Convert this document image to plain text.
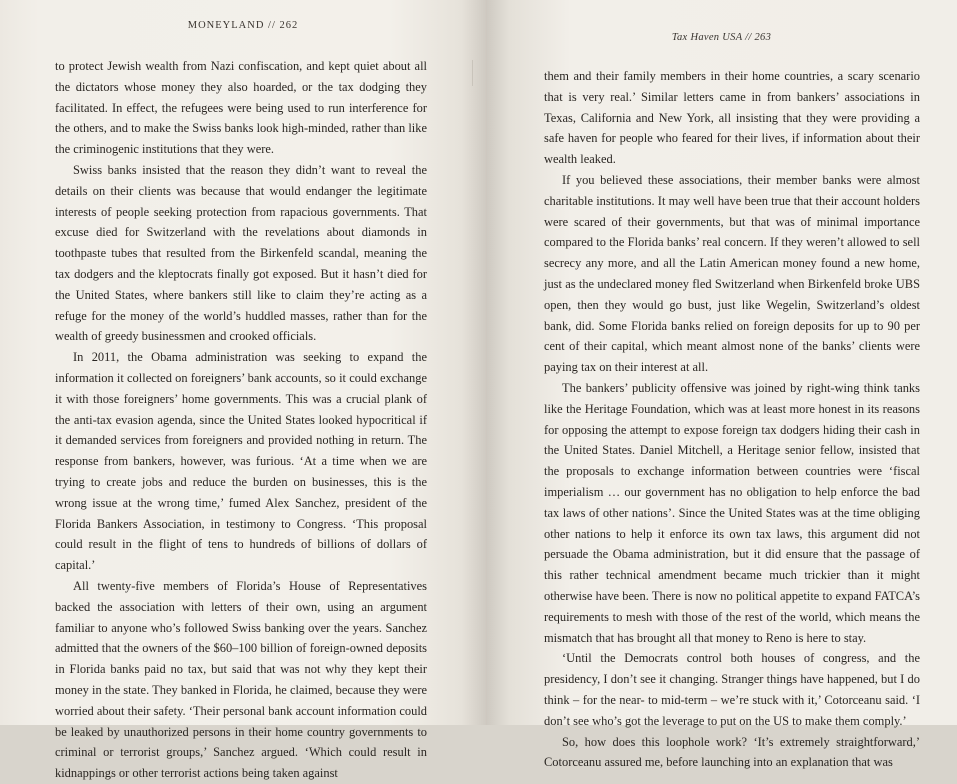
MONEYLAND // 262

to protect Jewish wealth from Nazi confiscation, and kept quiet about all the dictators whose money they also hoarded, or the tax dodging they facilitated. In effect, the refugees were being used to run interference for the others, and to make the Swiss banks look high-minded, rather than like the criminogenic institutions that they were.

Swiss banks insisted that the reason they didn’t want to reveal the details on their clients was because that would endanger the legitimate interests of people seeking protection from rapacious governments. That excuse died for Switzerland with the revelations about diamonds in toothpaste tubes that resulted from the Birkenfeld scandal, meaning the tax dodgers and the kleptocrats finally got exposed. But it hasn’t died for the United States, where bankers still like to claim they’re acting as a refuge for the money of the world’s huddled masses, rather than for the wealth of greedy businessmen and crooked officials.

In 2011, the Obama administration was seeking to expand the information it collected on foreigners’ bank accounts, so it could exchange it with those foreigners’ home governments. This was a crucial plank of the anti-tax evasion agenda, since the United States looked hypocritical if it demanded services from foreigners and provided nothing in return. The response from bankers, however, was furious. ‘At a time when we are trying to create jobs and reduce the burden on businesses, this is the wrong issue at the wrong time,’ fumed Alex Sanchez, president of the Florida Bankers Association, in testimony to Congress. ‘This proposal could result in the flight of tens to hundreds of billions of dollars of capital.’

All twenty-five members of Florida’s House of Representatives backed the association with letters of their own, using an argument familiar to anyone who’s followed Swiss banking over the years. Sanchez admitted that the owners of the $60–100 billion of foreign-owned deposits in Florida banks paid no tax, but said that was not why they kept their money in the state. They banked in Florida, he claimed, because they were worried about their safety. ‘Their personal bank account information could be leaked by unauthorized persons in their home country governments to criminal or terrorist groups,’ Sanchez argued. ‘Which could result in kidnappings or other terrorist actions being taken against

Tax Haven USA // 263

them and their family members in their home countries, a scary scenario that is very real.’ Similar letters came in from bankers’ associations in Texas, California and New York, all insisting that they were providing a safe haven for people who feared for their lives, if information about their wealth leaked.

If you believed these associations, their member banks were almost charitable institutions. It may well have been true that their account holders were scared of their governments, but that was of minimal importance compared to the Florida banks’ real concern. If they weren’t allowed to sell secrecy any more, and all the Latin American money found a new home, just as the undeclared money fled Switzerland when Birkenfeld broke UBS open, then they would go bust, just like Wegelin, Switzerland’s oldest bank, did. Some Florida banks relied on foreign deposits for up to 90 per cent of their capital, which meant almost none of the banks’ clients were paying tax on their interest at all.

The bankers’ publicity offensive was joined by right-wing think tanks like the Heritage Foundation, which was at least more honest in its reasons for opposing the attempt to expose foreign tax dodgers hiding their cash in the United States. Daniel Mitchell, a Heritage senior fellow, insisted that the proposals to exchange information between countries were ‘fiscal imperialism … our government has no obligation to help enforce the bad tax laws of other nations’. Since the United States was at the time obliging other nations to help it enforce its own tax laws, this argument did not persuade the Obama administration, but it did ensure that the passage of this rather technical amendment became much trickier than it might otherwise have been. There is now no political appetite to expand FATCA’s requirements to mesh with those of the rest of the world, which means the mismatch that has brought all that money to Reno is here to stay.

‘Until the Democrats control both houses of congress, and the presidency, I don’t see it changing. Stranger things have happened, but I do think – for the near- to mid-term – we’re stuck with it,’ Cotorceanu said. ‘I don’t see who’s got the leverage to put on the US to make them comply.’

So, how does this loophole work? ‘It’s extremely straightforward,’ Cotorceanu assured me, before launching into an explanation that was
